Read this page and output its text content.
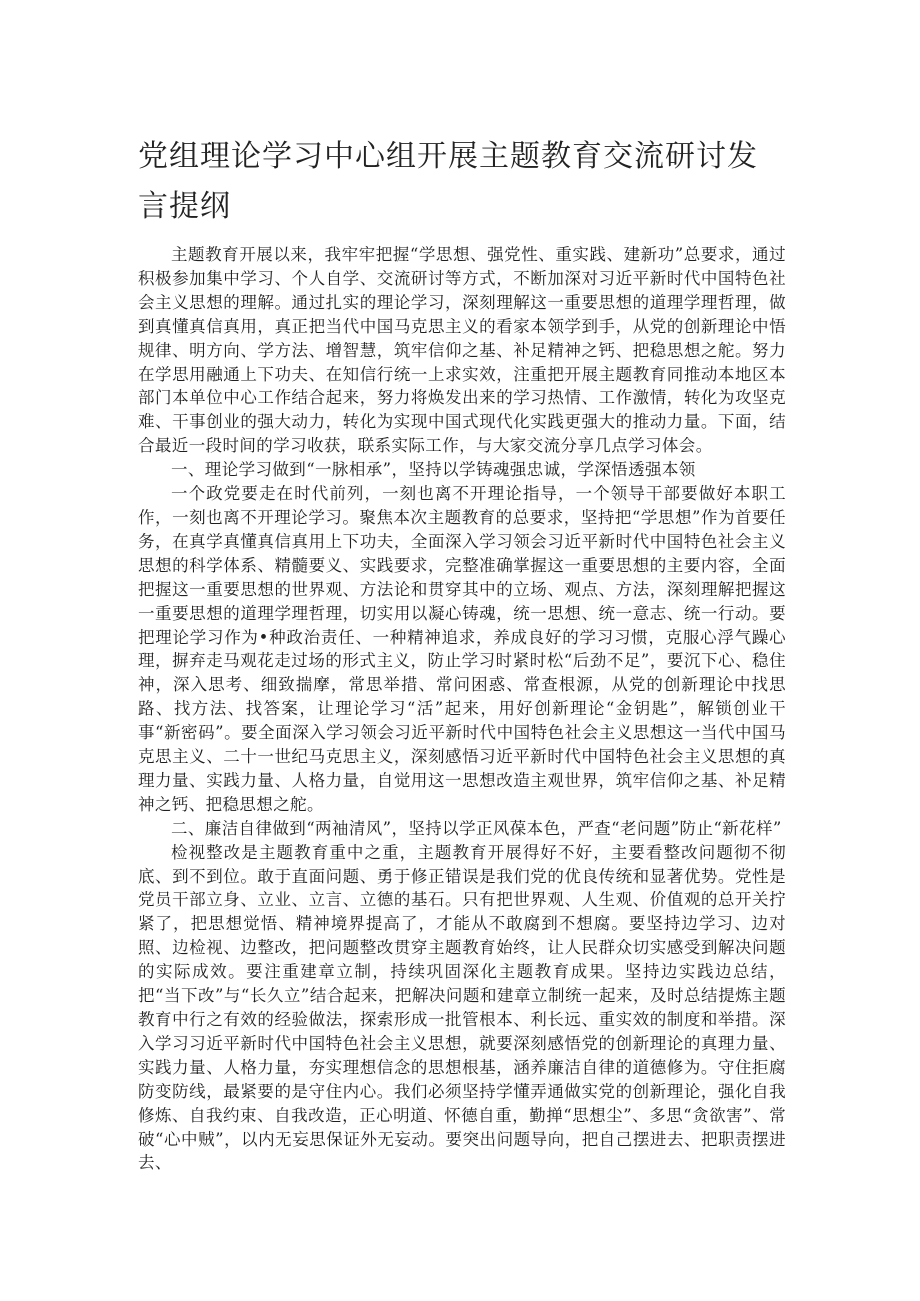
党组理论学习中心组开展主题教育交流研讨发言提纲

主题教育开展以来，我牢牢把握“学思想、强党性、重实践、建新功”总要求，通过积极参加集中学习、个人自学、交流研讨等方式，不断加深对习近平新时代中国特色社会主义思想的理解。通过扎实的理论学习，深刻理解这一重要思想的道理学理哲理，做到真懂真信真用，真正把当代中国马克思主义的看家本领学到手，从党的创新理论中悟规律、明方向、学方法、增智慧，筑牢信仰之基、补足精神之钙、把稳思想之舵。努力在学思用融通上下功夫、在知信行统一上求实效，注重把开展主题教育同推动本地区本部门本单位中心工作结合起来，努力将焕发出来的学习热情、工作激情，转化为攻坚克难、干事创业的强大动力，转化为实现中国式现代化实践更强大的推动力量。下面，结合最近一段时间的学习收获，联系实际工作，与大家交流分享几点学习体会。

一、理论学习做到“一脉相承”，坚持以学铸魂强忠诚，学深悟透强本领

一个政党要走在时代前列，一刻也离不开理论指导，一个领导干部要做好本职工作，一刻也离不开理论学习。聚焦本次主题教育的总要求，坚持把“学思想”作为首要任务，在真学真懂真信真用上下功夫，全面深入学习领会习近平新时代中国特色社会主义思想的科学体系、精髓要义、实践要求，完整准确掌握这一重要思想的主要内容，全面把握这一重要思想的世界观、方法论和贯穿其中的立场、观点、方法，深刻理解把握这一重要思想的道理学理哲理，切实用以凝心铸魂，统一思想、统一意志、统一行动。要把理论学习作为•种政治责任、一种精神追求，养成良好的学习习惯，克服心浮气躁心理，摒弃走马观花走过场的形式主义，防止学习时紧时松“后劲不足”，要沉下心、稳住神，深入思考、细致揣摩，常思举措、常问困惑、常查根源，从党的创新理论中找思路、找方法、找答案，让理论学习“活”起来，用好创新理论“金钥匙”，解锁创业干事“新密码”。要全面深入学习领会习近平新时代中国特色社会主义思想这一当代中国马克思主义、二十一世纪马克思主义，深刻感悟习近平新时代中国特色社会主义思想的真理力量、实践力量、人格力量，自觉用这一思想改造主观世界，筑牢信仰之基、补足精神之钙、把稳思想之舵。

二、廉洁自律做到“两袖清风”，坚持以学正风葆本色，严查“老问题”防止“新花样”

检视整改是主题教育重中之重，主题教育开展得好不好，主要看整改问题彻不彻底、到不到位。敢于直面问题、勇于修正错误是我们党的优良传统和显著优势。党性是党员干部立身、立业、立言、立德的基石。只有把世界观、人生观、价值观的总开关拧紧了，把思想觉悟、精神境界提高了，才能从不敢腐到不想腐。要坚持边学习、边对照、边检视、边整改，把问题整改贯穿主题教育始终，让人民群众切实感受到解决问题的实际成效。要注重建章立制，持续巩固深化主题教育成果。坚持边实践边总结，把“当下改”与“长久立”结合起来，把解决问题和建章立制统一起来，及时总结提炼主题教育中行之有效的经验做法，探索形成一批管根本、利长远、重实效的制度和举措。深入学习习近平新时代中国特色社会主义思想，就要深刻感悟党的创新理论的真理力量、实践力量、人格力量，夯实理想信念的思想根基，涵养廉洁自律的道德修为。守住拒腐防变防线，最紧要的是守住内心。我们必须坚持学懂弄通做实党的创新理论，强化自我修炼、自我约束、自我改造，正心明道、怀德自重，勤掸“思想尘”、多思“贪欲害”、常破“心中贼”，以内无妄思保证外无妄动。要突出问题导向，把自己摆进去、把职责摆进去、
